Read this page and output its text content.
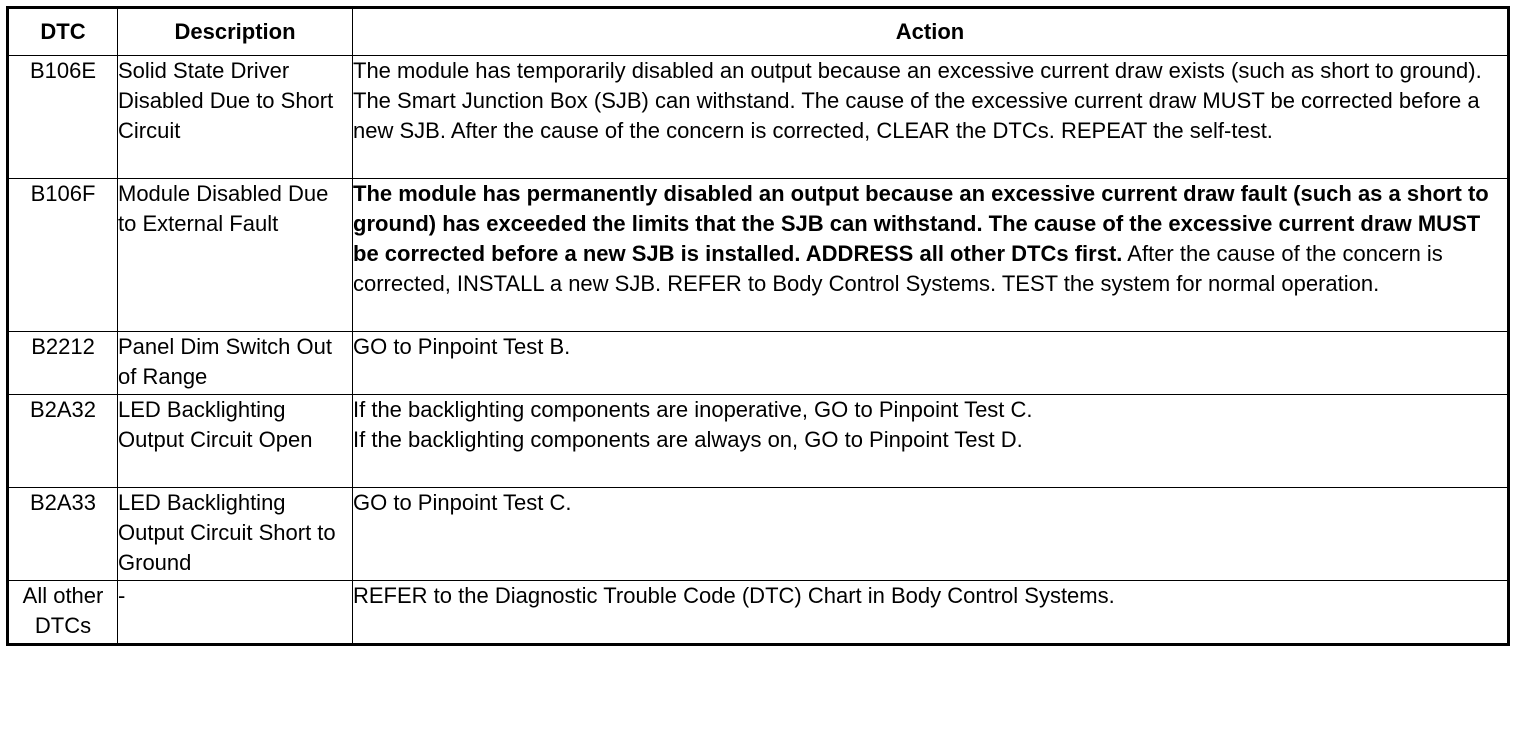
DTC	Description	Action
B106E	Solid State Driver Disabled Due to Short Circuit	The module has temporarily disabled an output because an excessive current draw exists (such as short to ground). The Smart Junction Box (SJB) can withstand. The cause of the excessive current draw MUST be corrected before a new SJB. After the cause of the concern is corrected, CLEAR the DTCs. REPEAT the self-test.
B106F	Module Disabled Due to External Fault	The module has permanently disabled an output because an excessive current draw fault (such as a short to ground) has exceeded the limits that the SJB can withstand. The cause of the excessive current draw MUST be corrected before a new SJB is installed. ADDRESS all other DTCs first. After the cause of the concern is corrected, INSTALL a new SJB. REFER to Body Control Systems. TEST the system for normal operation.
B2212	Panel Dim Switch Out of Range	GO to Pinpoint Test B.
B2A32	LED Backlighting Output Circuit Open	If the backlighting components are inoperative, GO to Pinpoint Test C.
If the backlighting components are always on, GO to Pinpoint Test D.

B2A33	LED Backlighting Output Circuit Short to Ground	GO to Pinpoint Test C.
All other DTCs	-	REFER to the Diagnostic Trouble Code (DTC) Chart in Body Control Systems.
